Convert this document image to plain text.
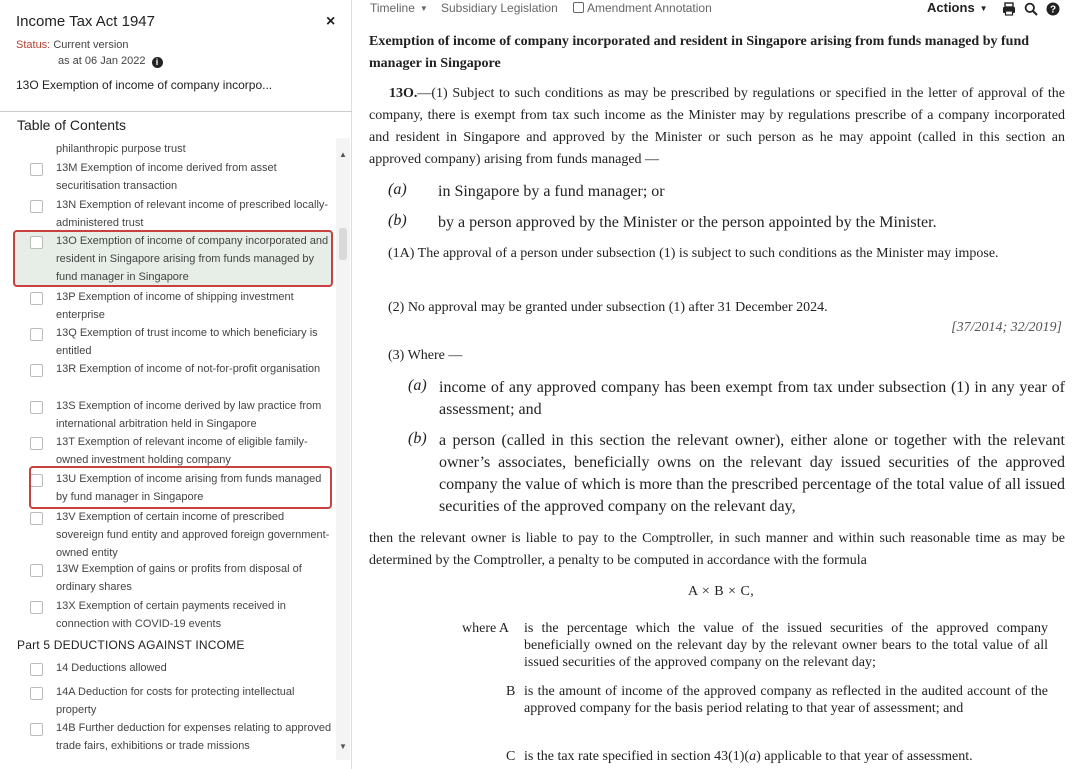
Income Tax Act 1947	×
Status: Current version
as at 06 Jan 2022 i
13O Exemption of income of company incorpo...
Table of Contents
philanthropic purpose trust
13M Exemption of income derived from asset securitisation transaction
13N Exemption of relevant income of prescribed locally-administered trust
13O Exemption of income of company incorporated and resident in Singapore arising from funds managed by fund manager in Singapore
13P Exemption of income of shipping investment enterprise
13Q Exemption of trust income to which beneficiary is entitled
13R Exemption of income of not-for-profit organisation
13S Exemption of income derived by law practice from international arbitration held in Singapore
13T Exemption of relevant income of eligible family-owned investment holding company
13U Exemption of income arising from funds managed by fund manager in Singapore
13V Exemption of certain income of prescribed sovereign fund entity and approved foreign government-owned entity
13W Exemption of gains or profits from disposal of ordinary shares
13X Exemption of certain payments received in connection with COVID-19 events
Part 5 DEDUCTIONS AGAINST INCOME
14 Deductions allowed
14A Deduction for costs for protecting intellectual property
14B Further deduction for expenses relating to approved trade fairs, exhibitions or trade missions
▲
▼
Timeline ▼ Subsidiary Legislation	Amendment Annotation	Actions ▼	?
Exemption of income of company incorporated and resident in Singapore arising from funds managed by fund manager in Singapore
13O.—(1) Subject to such conditions as may be prescribed by regulations or specified in the letter of approval of the company, there is exempt from tax such income as the Minister may by regulations prescribe of a company incorporated and resident in Singapore and approved by the Minister or such person as he may appoint (called in this section an approved company) arising from funds managed —
(a) in Singapore by a fund manager; or
(b) by a person approved by the Minister or the person appointed by the Minister.
(1A) The approval of a person under subsection (1) is subject to such conditions as the Minister may impose.
(2) No approval may be granted under subsection (1) after 31 December 2024.
[37/2014; 32/2019]
(3) Where —
(a) income of any approved company has been exempt from tax under subsection (1) in any year of assessment; and
(b) a person (called in this section the relevant owner), either alone or together with the relevant owner’s associates, beneficially owns on the relevant day issued securities of the approved company the value of which is more than the prescribed percentage of the total value of all issued securities of the approved company on the relevant day,
then the relevant owner is liable to pay to the Comptroller, in such manner and within such reasonable time as may be determined by the Comptroller, a penalty to be computed in accordance with the formula
A × B × C,
where A is the percentage which the value of the issued securities of the approved company beneficially owned on the relevant day by the relevant owner bears to the total value of all issued securities of the approved company on the relevant day;
B is the amount of income of the approved company as reflected in the audited account of the approved company for the basis period relating to that year of assessment; and
C is the tax rate specified in section 43(1)(a) applicable to that year of assessment.
